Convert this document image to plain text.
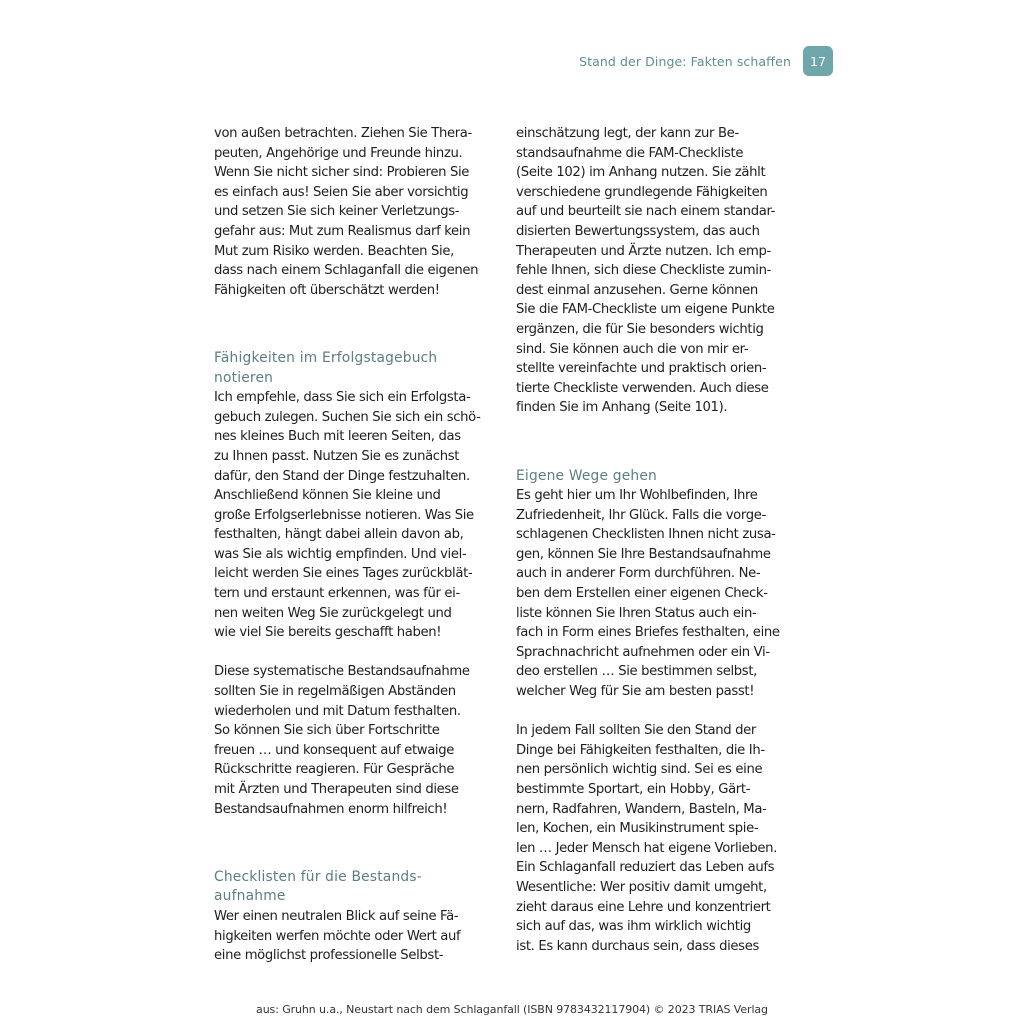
Stand der Dinge: Fakten schaffen	17
von außen betrachten. Ziehen Sie Thera-
peuten, Angehörige und Freunde hinzu.
Wenn Sie nicht sicher sind: Probieren Sie
es einfach aus! Seien Sie aber vorsichtig
und setzen Sie sich keiner Verletzungs-
gefahr aus: Mut zum Realismus darf kein
Mut zum Risiko werden. Beachten Sie,
dass nach einem Schlaganfall die eigenen
Fähigkeiten oft überschätzt werden!
Fähigkeiten im Erfolgstagebuch
notieren
Ich empfehle, dass Sie sich ein Erfolgsta-
gebuch zulegen. Suchen Sie sich ein schö-
nes kleines Buch mit leeren Seiten, das
zu Ihnen passt. Nutzen Sie es zunächst
dafür, den Stand der Dinge festzuhalten.
Anschließend können Sie kleine und
große Erfolgserlebnisse notieren. Was Sie
festhalten, hängt dabei allein davon ab,
was Sie als wichtig empfinden. Und viel-
leicht werden Sie eines Tages zurückblät-
tern und erstaunt erkennen, was für ei-
nen weiten Weg Sie zurückgelegt und
wie viel Sie bereits geschafft haben!
Diese systematische Bestandsaufnahme
sollten Sie in regelmäßigen Abständen
wiederholen und mit Datum festhalten.
So können Sie sich über Fortschritte
freuen … und konsequent auf etwaige
Rückschritte reagieren. Für Gespräche
mit Ärzten und Therapeuten sind diese
Bestandsaufnahmen enorm hilfreich!
Checklisten für die Bestands-
aufnahme
Wer einen neutralen Blick auf seine Fä-
higkeiten werfen möchte oder Wert auf
eine möglichst professionelle Selbst-
einschätzung legt, der kann zur Be-
standsaufnahme die FAM-Checkliste
(Seite 102) im Anhang nutzen. Sie zählt
verschiedene grundlegende Fähigkeiten
auf und beurteilt sie nach einem standar-
disierten Bewertungssystem, das auch
Therapeuten und Ärzte nutzen. Ich emp-
fehle Ihnen, sich diese Checkliste zumin-
dest einmal anzusehen. Gerne können
Sie die FAM-Checkliste um eigene Punkte
ergänzen, die für Sie besonders wichtig
sind. Sie können auch die von mir er-
stellte vereinfachte und praktisch orien-
tierte Checkliste verwenden. Auch diese
finden Sie im Anhang (Seite 101).
Eigene Wege gehen
Es geht hier um Ihr Wohlbefinden, Ihre
Zufriedenheit, Ihr Glück. Falls die vorge-
schlagenen Checklisten Ihnen nicht zusa-
gen, können Sie Ihre Bestandsaufnahme
auch in anderer Form durchführen. Ne-
ben dem Erstellen einer eigenen Check-
liste können Sie Ihren Status auch ein-
fach in Form eines Briefes festhalten, eine
Sprachnachricht aufnehmen oder ein Vi-
deo erstellen … Sie bestimmen selbst,
welcher Weg für Sie am besten passt!
In jedem Fall sollten Sie den Stand der
Dinge bei Fähigkeiten festhalten, die Ih-
nen persönlich wichtig sind. Sei es eine
bestimmte Sportart, ein Hobby, Gärt-
nern, Radfahren, Wandern, Basteln, Ma-
len, Kochen, ein Musikinstrument spie-
len … Jeder Mensch hat eigene Vorlieben.
Ein Schlaganfall reduziert das Leben aufs
Wesentliche: Wer positiv damit umgeht,
zieht daraus eine Lehre und konzentriert
sich auf das, was ihm wirklich wichtig
ist. Es kann durchaus sein, dass dieses
aus: Gruhn u.a., Neustart nach dem Schlaganfall (ISBN 9783432117904) © 2023 TRIAS Verlag
